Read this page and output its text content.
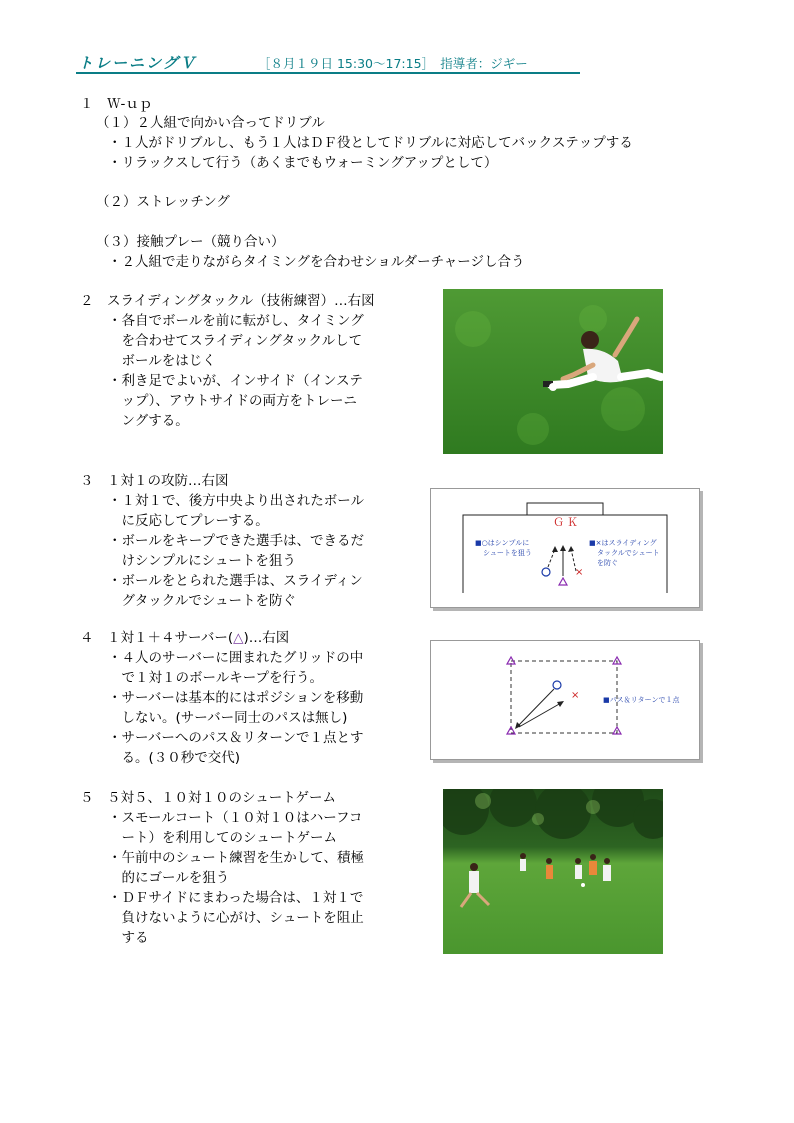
トレーニングＶ	［８月１９日 15:30〜17:15］　指導者：ジギー
１　Ｗ-ｕｐ
（１）２人組で向かい合ってドリブル
・１人がドリブルし、もう１人はＤＦ役としてドリブルに対応してバックステップする
・リラックスして行う（あくまでもウォーミングアップとして）
（２）ストレッチング
（３）接触プレー（競り合い）
・２人組で走りながらタイミングを合わせショルダーチャージし合う
２　スライディングタックル（技術練習）…右図
・各自でボールを前に転がし、タイミング
　を合わせてスライディングタックルして
　ボールをはじく
・利き足でよいが、インサイド（インステ
　ップ）、アウトサイドの両方をトレーニ
　ングする。
３　１対１の攻防…右図
・１対１で、後方中央より出されたボール
　に反応してプレーする。
・ボールをキープできた選手は、できるだ
　けシンプルにシュートを狙う
・ボールをとられた選手は、スライディン
　グタックルでシュートを防ぐ
ＧＫ
■○はシンプルに
シュートを狙う
■×はスライディング
タックルでシュート
を防ぐ
×
４　１対１＋４サーバー(△)…右図
・４人のサーバーに囲まれたグリッドの中
　で１対１のボールキープを行う。
・サーバーは基本的にはポジションを移動
　しない。(サーバー同士のパスは無し)
・サーバーへのパス＆リターンで１点とす
　る。(３０秒で交代)
×	■パス＆リターンで１点
５　５対５、１０対１０のシュートゲーム
・スモールコート（１０対１０はハーフコ
　ート）を利用してのシュートゲーム
・午前中のシュート練習を生かして、積極
　的にゴールを狙う
・ＤＦサイドにまわった場合は、１対１で
　負けないように心がけ、シュートを阻止
　する
